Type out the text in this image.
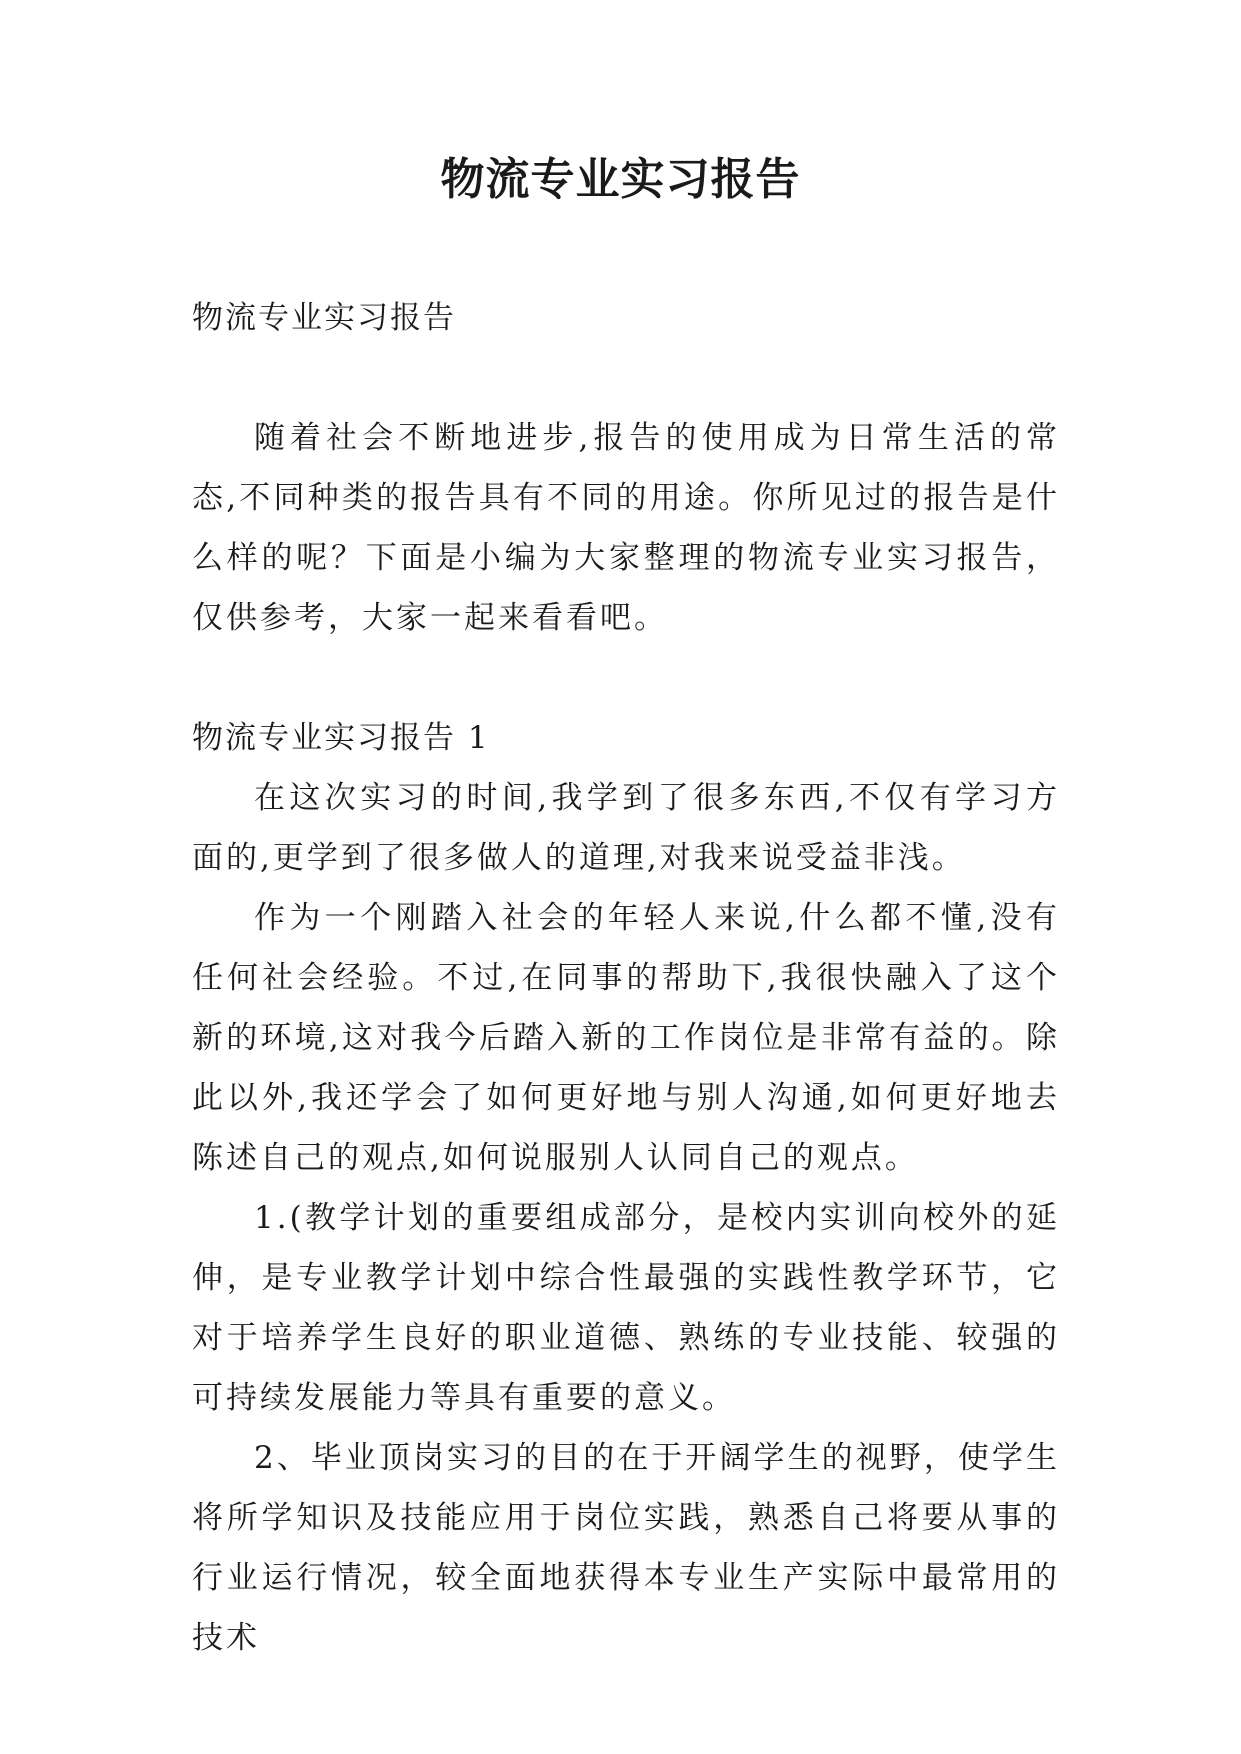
物流专业实习报告

物流专业实习报告

随着社会不断地进步,报告的使用成为日常生活的常态,不同种类的报告具有不同的用途。你所见过的报告是什么样的呢？下面是小编为大家整理的物流专业实习报告，仅供参考，大家一起来看看吧。

物流专业实习报告 1

在这次实习的时间,我学到了很多东西,不仅有学习方面的,更学到了很多做人的道理,对我来说受益非浅。

作为一个刚踏入社会的年轻人来说,什么都不懂,没有任何社会经验。不过,在同事的帮助下,我很快融入了这个新的环境,这对我今后踏入新的工作岗位是非常有益的。除此以外,我还学会了如何更好地与别人沟通,如何更好地去陈述自己的观点,如何说服别人认同自己的观点。

1.(教学计划的重要组成部分，是校内实训向校外的延伸，是专业教学计划中综合性最强的实践性教学环节，它对于培养学生良好的职业道德、熟练的专业技能、较强的可持续发展能力等具有重要的意义。

2、毕业顶岗实习的目的在于开阔学生的视野，使学生将所学知识及技能应用于岗位实践，熟悉自己将要从事的行业运行情况，较全面地获得本专业生产实际中最常用的技术
